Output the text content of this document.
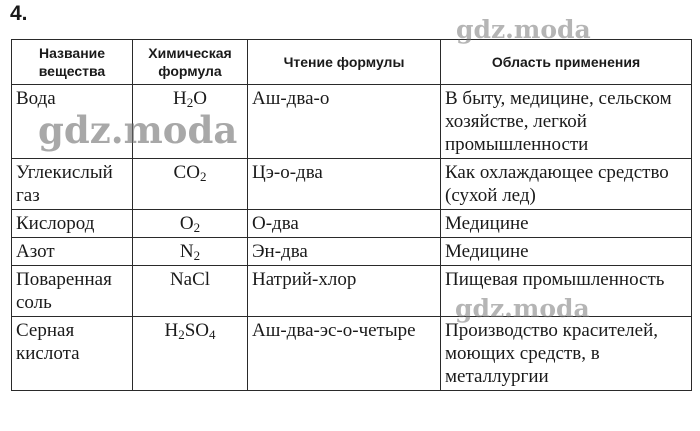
4.
Название вещества	Химическая формула	Чтение формулы	Область применения
Вода	$H_2O$	Аш-два-о	В быту, медицине, сельском хозяйстве, легкой промышленности
Углекислый газ	$CO_2$	Цэ-о-два	Как охлаждающее средство (сухой лед)
Кислород	$O_2$	О-два	Медицине
Азот	$N_2$	Эн-два	Медицине
Поваренная соль	NaCl	Натрий-хлор	Пищевая промышленность
Серная кислота	$H_2SO_4$	Аш-два-эс-о-четыре	Производство красителей, моющих средств, в металлургии
gdz.moda
gdz.moda
gdz.moda
